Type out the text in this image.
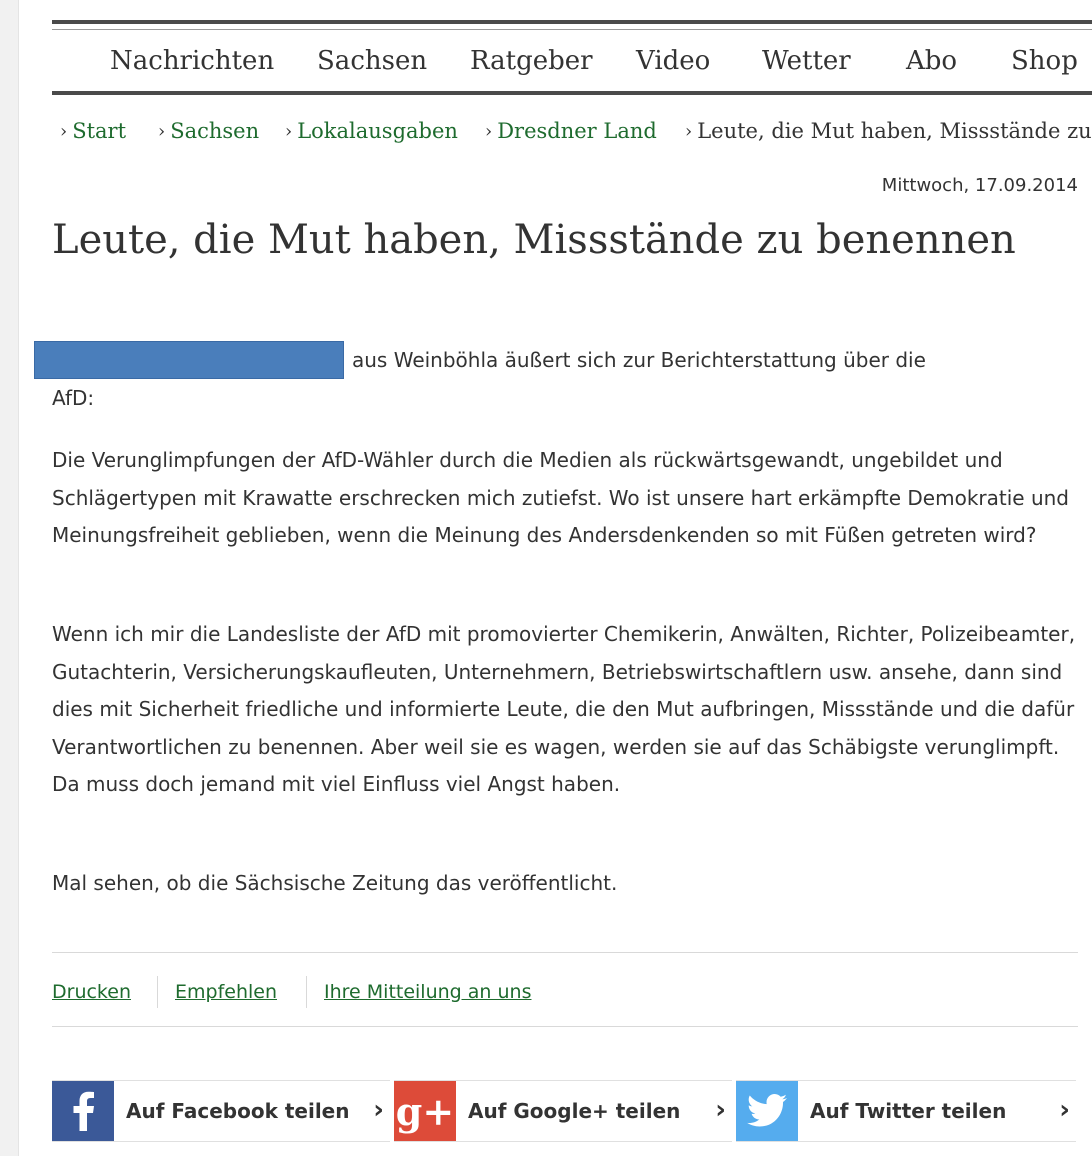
Nachrichten Sachsen Ratgeber Video Wetter Abo Shop
› Start › Sachsen › Lokalausgaben › Dresdner Land › Leute, die Mut haben, Missstände zu
Mittwoch, 17.09.2014
Leute, die Mut haben, Missstände zu benennen
aus Weinböhla äußert sich zur Berichterstattung über die
AfD:

Die Verunglimpfungen der AfD-Wähler durch die Medien als rückwärtsgewandt, ungebildet und Schlägertypen mit Krawatte erschrecken mich zutiefst. Wo ist unsere hart erkämpfte Demokratie und Meinungsfreiheit geblieben, wenn die Meinung des Andersdenkenden so mit Füßen getreten wird?

Wenn ich mir die Landesliste der AfD mit promovierter Chemikerin, Anwälten, Richter, Polizeibeamter, Gutachterin, Versicherungskaufleuten, Unternehmern, Betriebswirtschaftlern usw. ansehe, dann sind dies mit Sicherheit friedliche und informierte Leute, die den Mut aufbringen, Missstände und die dafür Verantwortlichen zu benennen. Aber weil sie es wagen, werden sie auf das Schäbigste verunglimpft. Da muss doch jemand mit viel Einfluss viel Angst haben.

Mal sehen, ob die Sächsische Zeitung das veröffentlicht.

Drucken Empfehlen Ihre Mitteilung an uns
Auf Facebook teilen › g+ Auf Google+ teilen ›	Auf Twitter teilen ›
